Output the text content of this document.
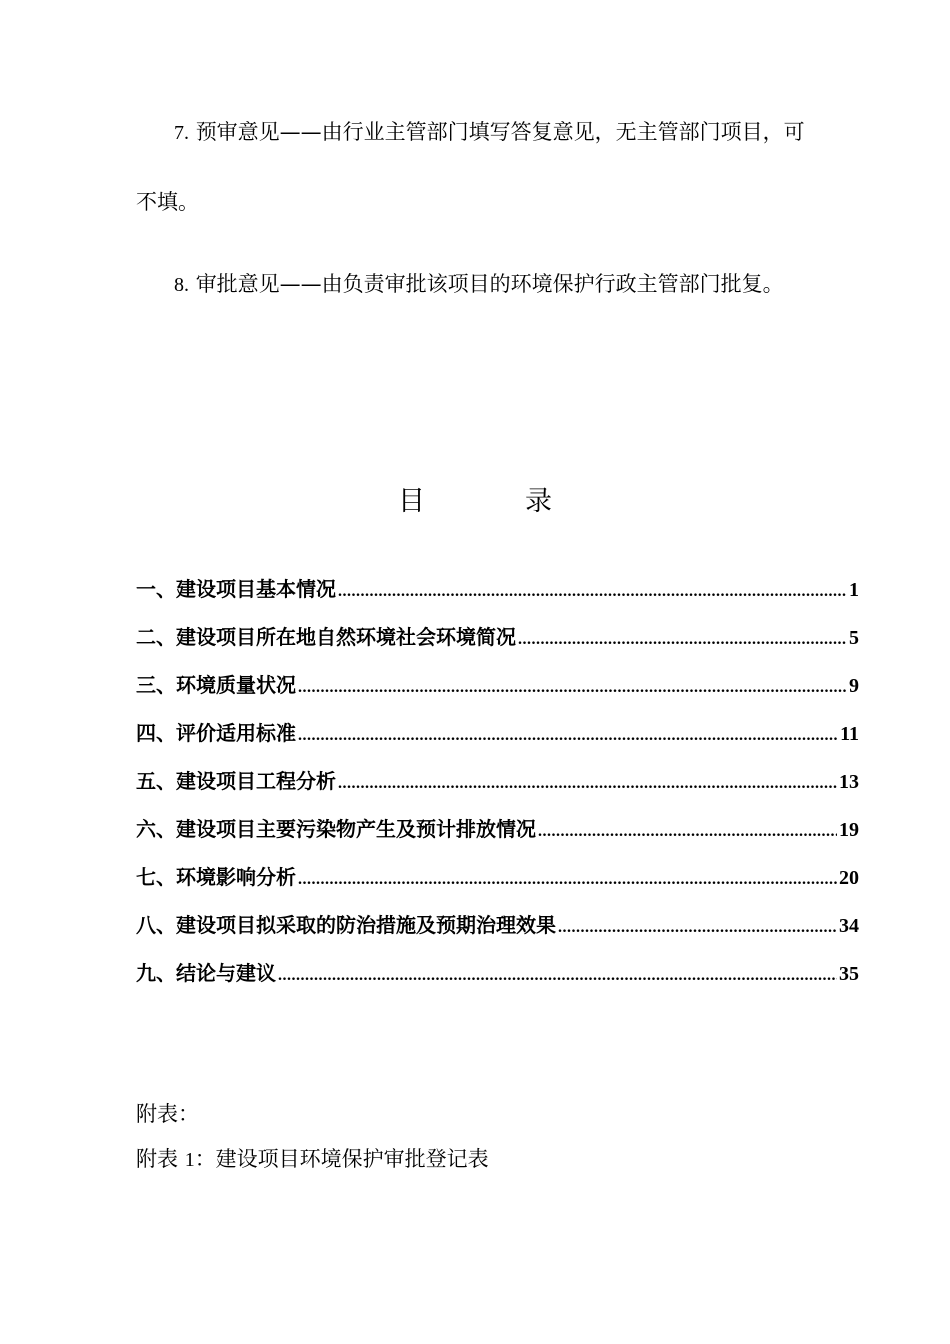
7. 预审意见——由行业主管部门填写答复意见，无主管部门项目，可
不填。
8. 审批意见——由负责审批该项目的环境保护行政主管部门批复。
目	录
一、建设项目基本情况 .....	1
二、建设项目所在地自然环境社会环境简况 .....	5
三、环境质量状况 .....	9
四、评价适用标准 .....	11
五、建设项目工程分析 .....	13
六、建设项目主要污染物产生及预计排放情况 .....	19
七、环境影响分析 .....	20
八、建设项目拟采取的防治措施及预期治理效果 .....	34
九、结论与建议 .....	35
附表：
附表 1：建设项目环境保护审批登记表
